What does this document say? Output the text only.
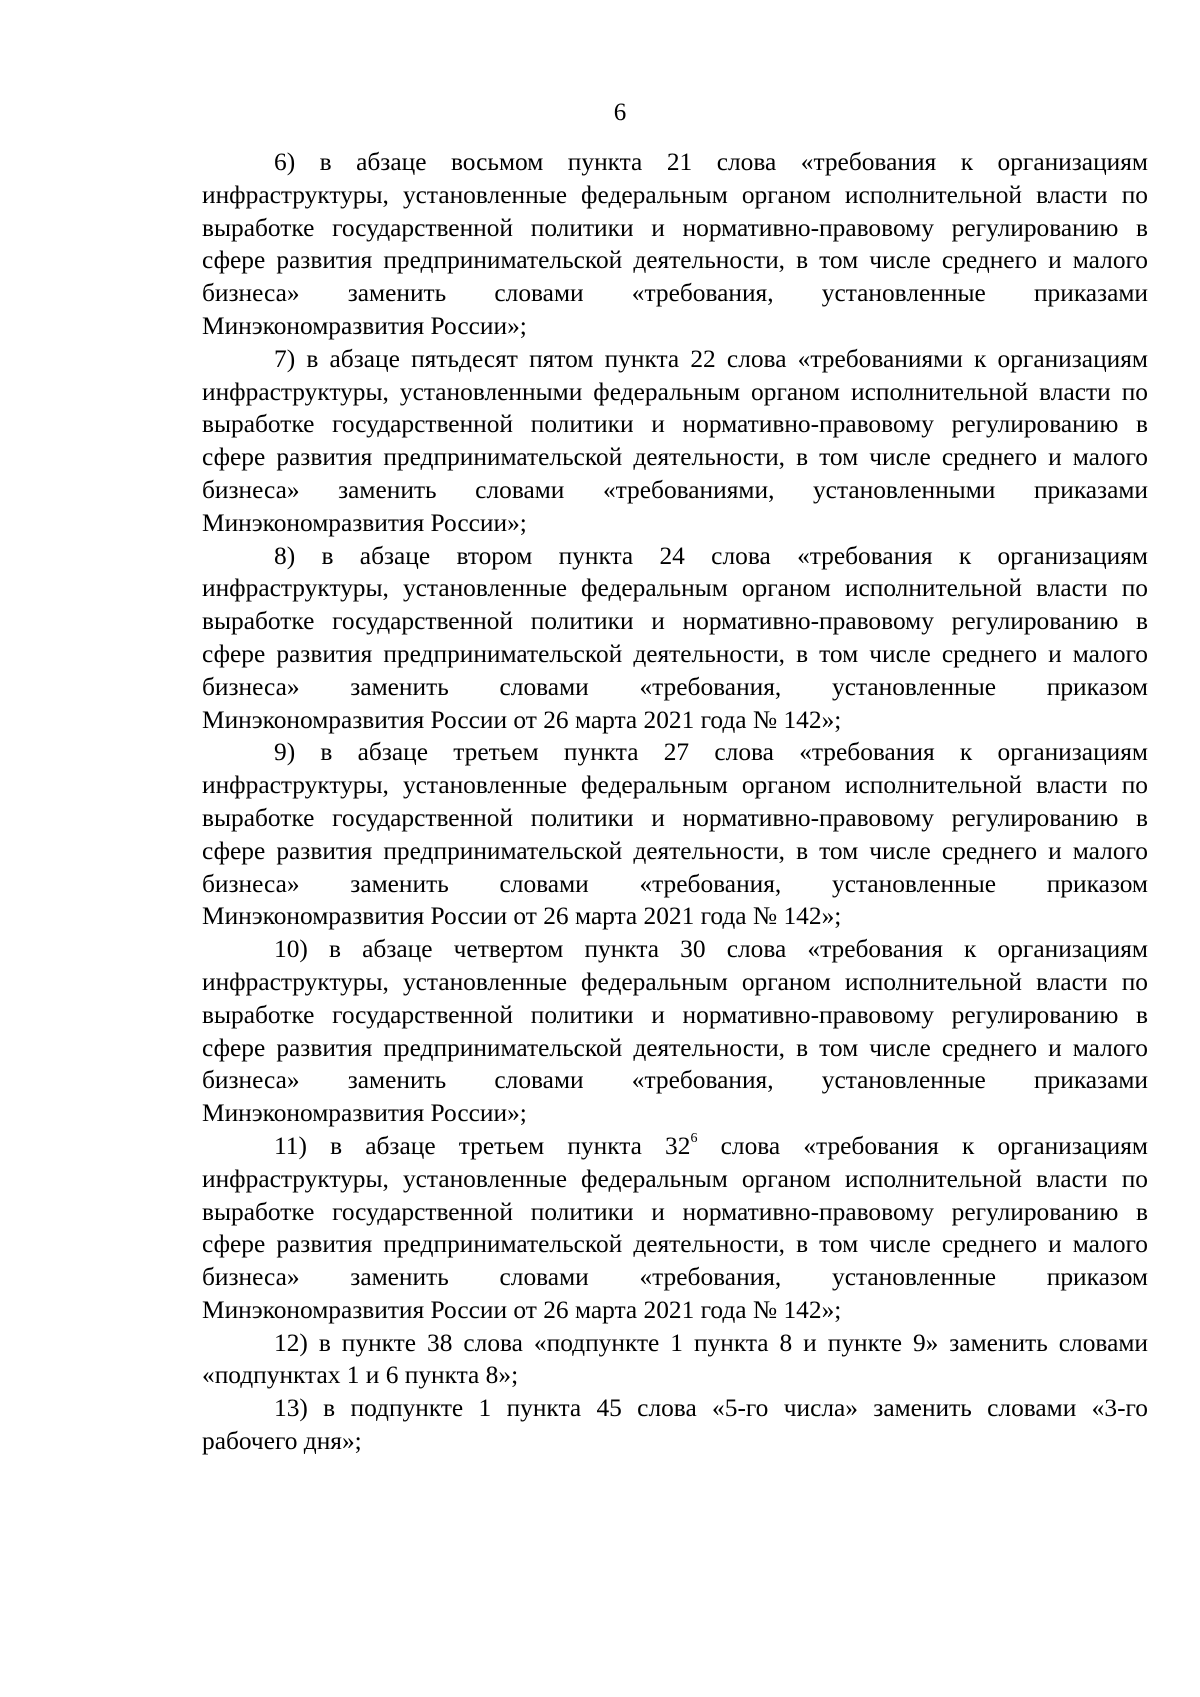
6

6) в абзаце восьмом пункта 21 слова «требования к организациям инфраструктуры, установленные федеральным органом исполнительной власти по выработке государственной политики и нормативно-правовому регулированию в сфере развития предпринимательской деятельности, в том числе среднего и малого бизнеса» заменить словами «требования, установленные приказами Минэкономразвития России»;

7) в абзаце пятьдесят пятом пункта 22 слова «требованиями к организациям инфраструктуры, установленными федеральным органом исполнительной власти по выработке государственной политики и нормативно-правовому регулированию в сфере развития предпринимательской деятельности, в том числе среднего и малого бизнеса» заменить словами «требованиями, установленными приказами Минэкономразвития России»;

8) в абзаце втором пункта 24 слова «требования к организациям инфраструктуры, установленные федеральным органом исполнительной власти по выработке государственной политики и нормативно-правовому регулированию в сфере развития предпринимательской деятельности, в том числе среднего и малого бизнеса» заменить словами «требования, установленные приказом Минэкономразвития России от 26 марта 2021 года № 142»;

9) в абзаце третьем пункта 27 слова «требования к организациям инфраструктуры, установленные федеральным органом исполнительной власти по выработке государственной политики и нормативно-правовому регулированию в сфере развития предпринимательской деятельности, в том числе среднего и малого бизнеса» заменить словами «требования, установленные приказом Минэкономразвития России от 26 марта 2021 года № 142»;

10) в абзаце четвертом пункта 30 слова «требования к организациям инфраструктуры, установленные федеральным органом исполнительной власти по выработке государственной политики и нормативно-правовому регулированию в сфере развития предпринимательской деятельности, в том числе среднего и малого бизнеса» заменить словами «требования, установленные приказами Минэкономразвития России»;

11) в абзаце третьем пункта $32^6$ слова «требования к организациям инфраструктуры, установленные федеральным органом исполнительной власти по выработке государственной политики и нормативно-правовому регулированию в сфере развития предпринимательской деятельности, в том числе среднего и малого бизнеса» заменить словами «требования, установленные приказом Минэкономразвития России от 26 марта 2021 года № 142»;

12) в пункте 38 слова «подпункте 1 пункта 8 и пункте 9» заменить словами «подпунктах 1 и 6 пункта 8»;

13) в подпункте 1 пункта 45 слова «5-го числа» заменить словами «3-го рабочего дня»;
